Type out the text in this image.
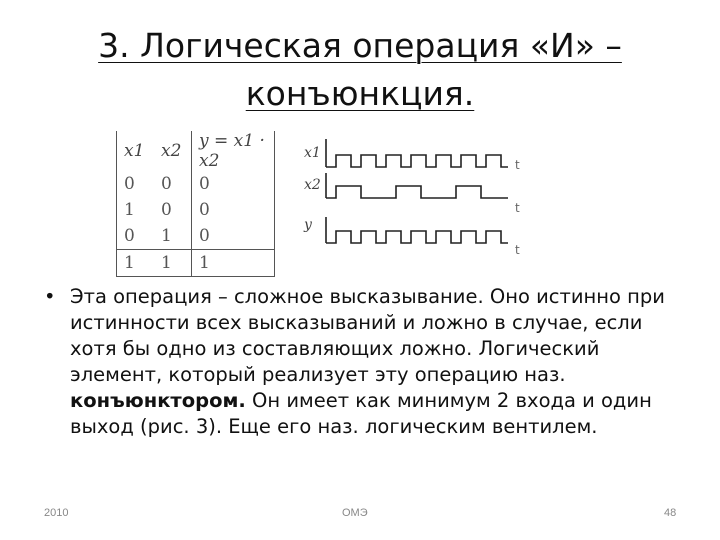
3. Логическая операция «И» – конъюнкция.
x1	x2	y = x1 · x2
0	0	0
1	0	0
0	1	0
1	1	1
x1
x2
y
t
t
t
• Эта операция – сложное высказывание. Оно истинно при истинности всех высказываний и ложно в случае, если хотя бы одно из составляющих ложно. Логический элемент, который реализует эту операцию наз. конъюнктором. Он имеет как минимум 2 входа и один выход (рис. 3). Еще его наз. логическим вентилем.
2010	ОМЭ	48
